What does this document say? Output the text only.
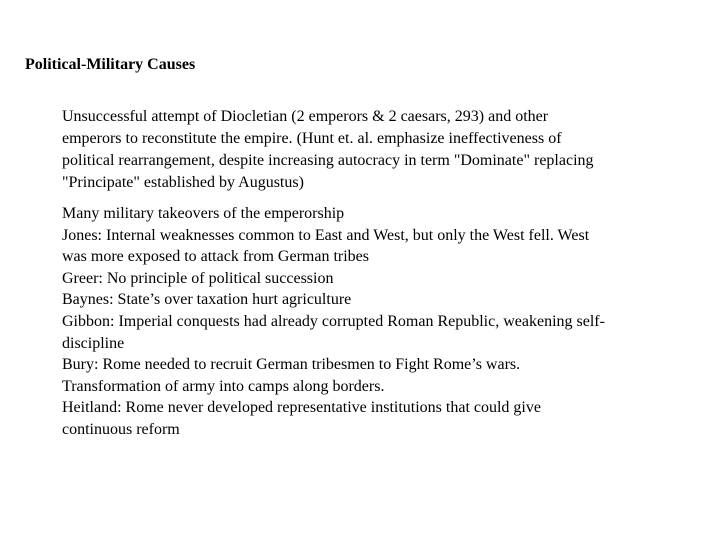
Political-Military Causes

Unsuccessful attempt of Diocletian (2 emperors & 2 caesars, 293) and other
emperors to reconstitute the empire. (Hunt et. al. emphasize ineffectiveness of
political rearrangement, despite increasing autocracy in term "Dominate" replacing
"Principate" established by Augustus)

Many military takeovers of the emperorship
Jones: Internal weaknesses common to East and West, but only the West fell. West
was more exposed to attack from German tribes
Greer: No principle of political succession
Baynes: State’s over taxation hurt agriculture
Gibbon: Imperial conquests had already corrupted Roman Republic, weakening self-
discipline
Bury: Rome needed to recruit German tribesmen to Fight Rome’s wars.
Transformation of army into camps along borders.
Heitland: Rome never developed representative institutions that could give
continuous reform
